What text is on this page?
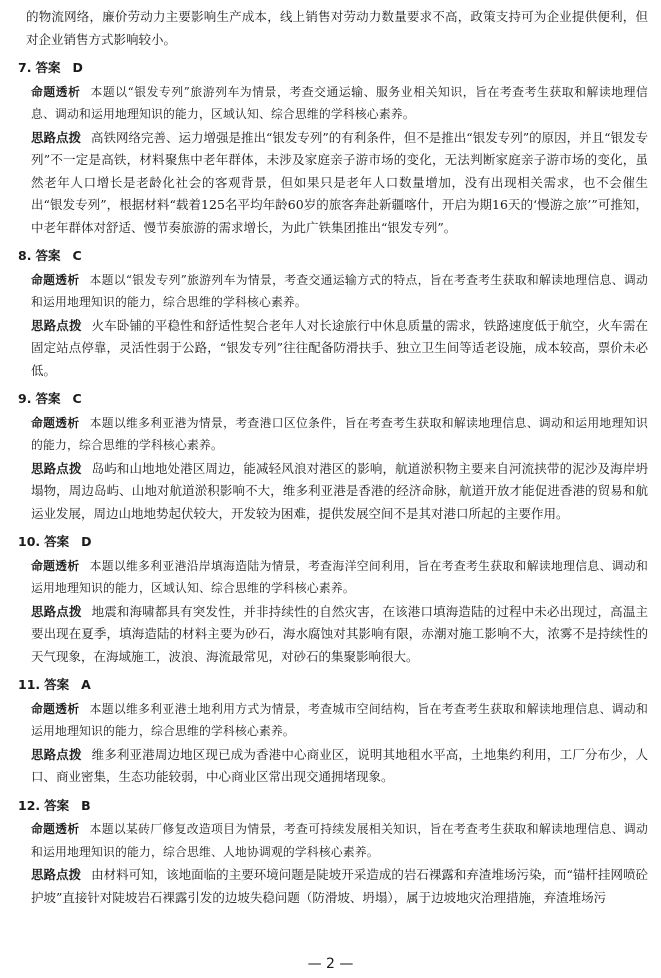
的物流网络，廉价劳动力主要影响生产成本，线上销售对劳动力数量要求不高，政策支持可为企业提供便利，但对企业销售方式影响较小。

7. 答案 D

命题透析 本题以“银发专列”旅游列车为情景，考查交通运输、服务业相关知识，旨在考查考生获取和解读地理信息、调动和运用地理知识的能力，区域认知、综合思维的学科核心素养。

思路点拨 高铁网络完善、运力增强是推出“银发专列”的有利条件，但不是推出“银发专列”的原因，并且“银发专列”不一定是高铁，材料聚焦中老年群体，未涉及家庭亲子游市场的变化，无法判断家庭亲子游市场的变化，虽然老年人口增长是老龄化社会的客观背景，但如果只是老年人口数量增加，没有出现相关需求，也不会催生出“银发专列”，根据材料“载着125名平均年龄60岁的旅客奔赴新疆喀什，开启为期16天的‘慢游之旅’”可推知，中老年群体对舒适、慢节奏旅游的需求增长，为此广铁集团推出“银发专列”。

8. 答案 C

命题透析 本题以“银发专列”旅游列车为情景，考查交通运输方式的特点，旨在考查考生获取和解读地理信息、调动和运用地理知识的能力，综合思维的学科核心素养。

思路点拨 火车卧铺的平稳性和舒适性契合老年人对长途旅行中休息质量的需求，铁路速度低于航空，火车需在固定站点停靠，灵活性弱于公路，“银发专列”往往配备防滑扶手、独立卫生间等适老设施，成本较高，票价未必低。

9. 答案 C

命题透析 本题以维多利亚港为情景，考查港口区位条件，旨在考查考生获取和解读地理信息、调动和运用地理知识的能力，综合思维的学科核心素养。

思路点拨 岛屿和山地地处港区周边，能减轻风浪对港区的影响，航道淤积物主要来自河流挟带的泥沙及海岸坍塌物，周边岛屿、山地对航道淤积影响不大，维多利亚港是香港的经济命脉，航道开放才能促进香港的贸易和航运业发展，周边山地地势起伏较大，开发较为困难，提供发展空间不是其对港口所起的主要作用。

10. 答案 D

命题透析 本题以维多利亚港沿岸填海造陆为情景，考查海洋空间利用，旨在考查考生获取和解读地理信息、调动和运用地理知识的能力，区域认知、综合思维的学科核心素养。

思路点拨 地震和海啸都具有突发性，并非持续性的自然灾害，在该港口填海造陆的过程中未必出现过，高温主要出现在夏季，填海造陆的材料主要为砂石，海水腐蚀对其影响有限，赤潮对施工影响不大，浓雾不是持续性的天气现象，在海域施工，波浪、海流最常见，对砂石的集聚影响很大。

11. 答案 A

命题透析 本题以维多利亚港土地利用方式为情景，考查城市空间结构，旨在考查考生获取和解读地理信息、调动和运用地理知识的能力，综合思维的学科核心素养。

思路点拨 维多利亚港周边地区现已成为香港中心商业区，说明其地租水平高，土地集约利用，工厂分布少，人口、商业密集，生态功能较弱，中心商业区常出现交通拥堵现象。

12. 答案 B

命题透析 本题以某砖厂修复改造项目为情景，考查可持续发展相关知识，旨在考查考生获取和解读地理信息、调动和运用地理知识的能力，综合思维、人地协调观的学科核心素养。

思路点拨 由材料可知，该地面临的主要环境问题是陡坡开采造成的岩石裸露和弃渣堆场污染，而“锚杆挂网喷砼护坡”直接针对陡坡岩石裸露引发的边坡失稳问题（防滑坡、坍塌），属于边坡地灾治理措施，弃渣堆场污

— 2 —
